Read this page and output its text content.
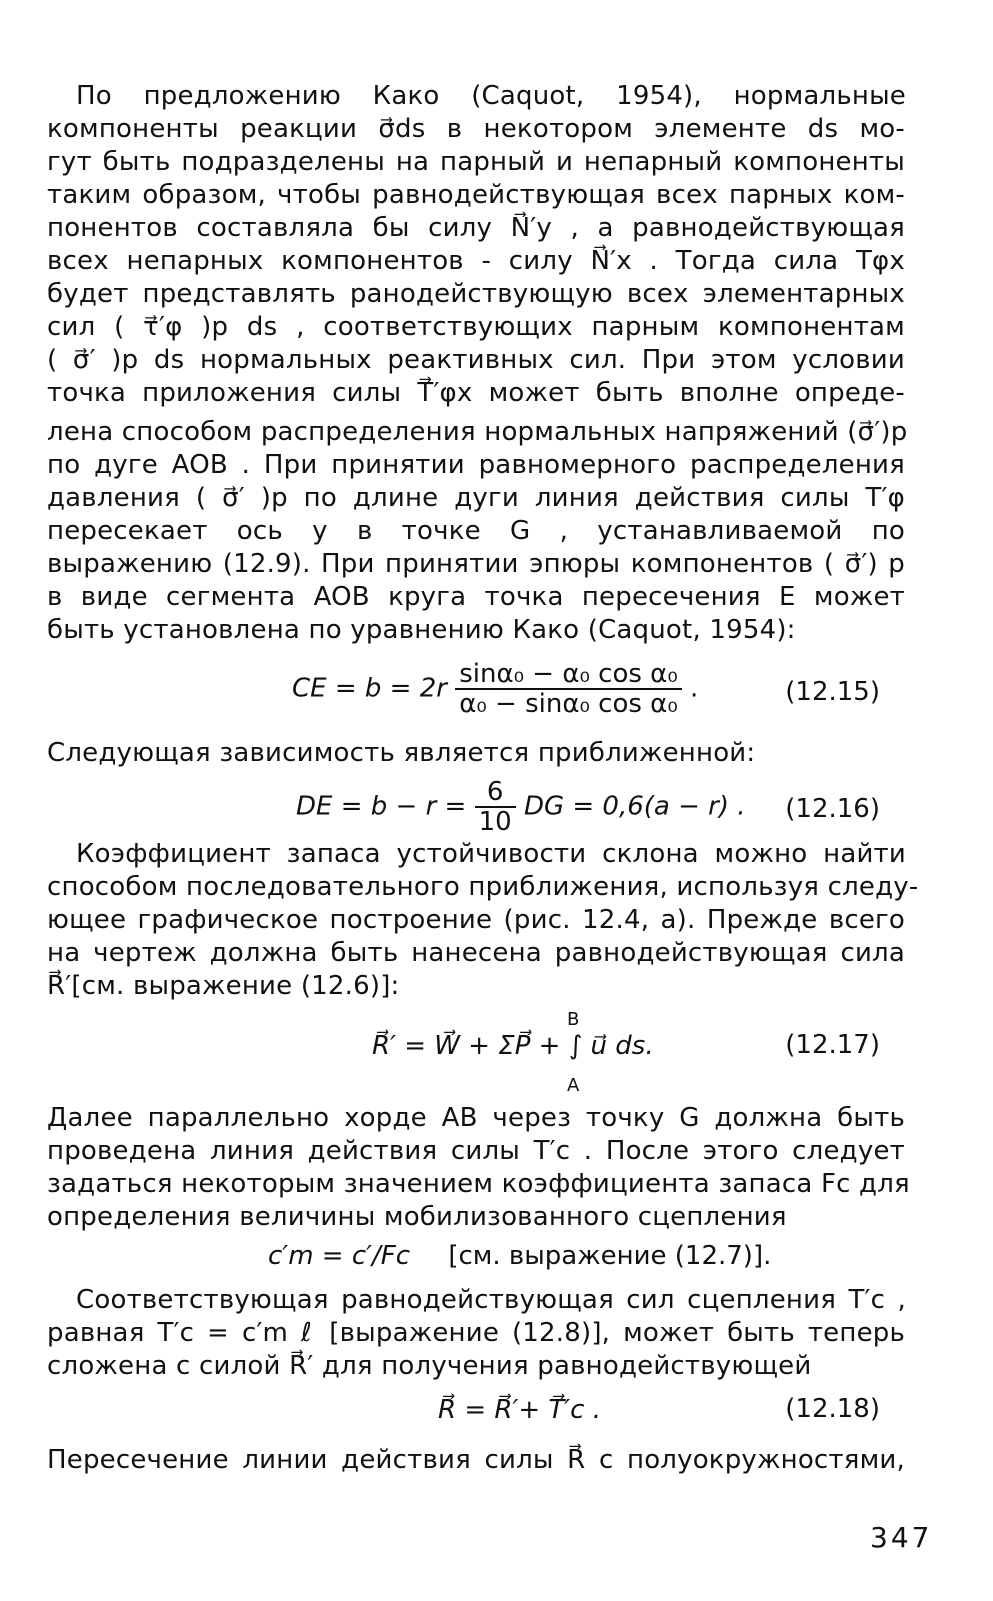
По предложению Како (Caquot, 1954), нормальные
компоненты реакции σ⃗ds в некотором элементе ds мо-
гут быть подразделены на парный и непарный компоненты
таким образом, чтобы равнодействующая всех парных ком-
понентов составляла бы силу N⃗′y , а равнодействующая
всех непарных компонентов - силу N⃗′x . Тогда сила Tφx
будет представлять ранодействующую всех элементарных
сил ( τ⃗′φ )p ds , соответствующих парным компонентам
( σ⃗′ )p ds нормальных реактивных сил. При этом условии
точка приложения силы T⃗′φx может быть вполне опреде-
лена способом распределения нормальных напряжений (σ⃗′)p
по дуге AOB . При принятии равномерного распределения
давления ( σ⃗′ )p по длине дуги линия действия силы T′φ
пересекает ось y в точке G , устанавливаемой по
выражению (12.9). При принятии эпюры компонентов ( σ⃗′) p
в виде сегмента AOB круга точка пересечения E может
быть установлена по уравнению Како (Caquot, 1954):
CE = $b = 2r \frac{\text{sinα₀ − α₀ cos α₀}}{\text{α₀ − sinα₀ cos α₀}}$ .	(12.15)
Следующая зависимость является приближенной:
DE = $b - r = \frac{6}{10}$ DG = 0,6(a − r) .	(12.16)
Коэффициент запаса устойчивости склона можно найти
способом последовательного приближения, используя следу-
ющее графическое построение (рис. 12.4, а). Прежде всего
на чертеж должна быть нанесена равнодействующая сила
R⃗′[см. выражение (12.6)]:
R⃗′ = W⃗ + ΣP⃗ + ∫ u⃗ ds.
B
A
(12.17)
Далее параллельно хорде AB через точку G должна быть
проведена линия действия силы T′c . После этого следует
задаться некоторым значением коэффициента запаса Fc для
определения величины мобилизованного сцепления
c′m = c′/Fc [см. выражение (12.7)].
Соответствующая равнодействующая сил сцепления T′c ,
равная T′c = c′m ℓ [выражение (12.8)], может быть теперь
сложена с силой R⃗′ для получения равнодействующей
R⃗ = R⃗′+ T⃗′c .	(12.18)
Пересечение линии действия силы R⃗ с полуокружностями,
347
